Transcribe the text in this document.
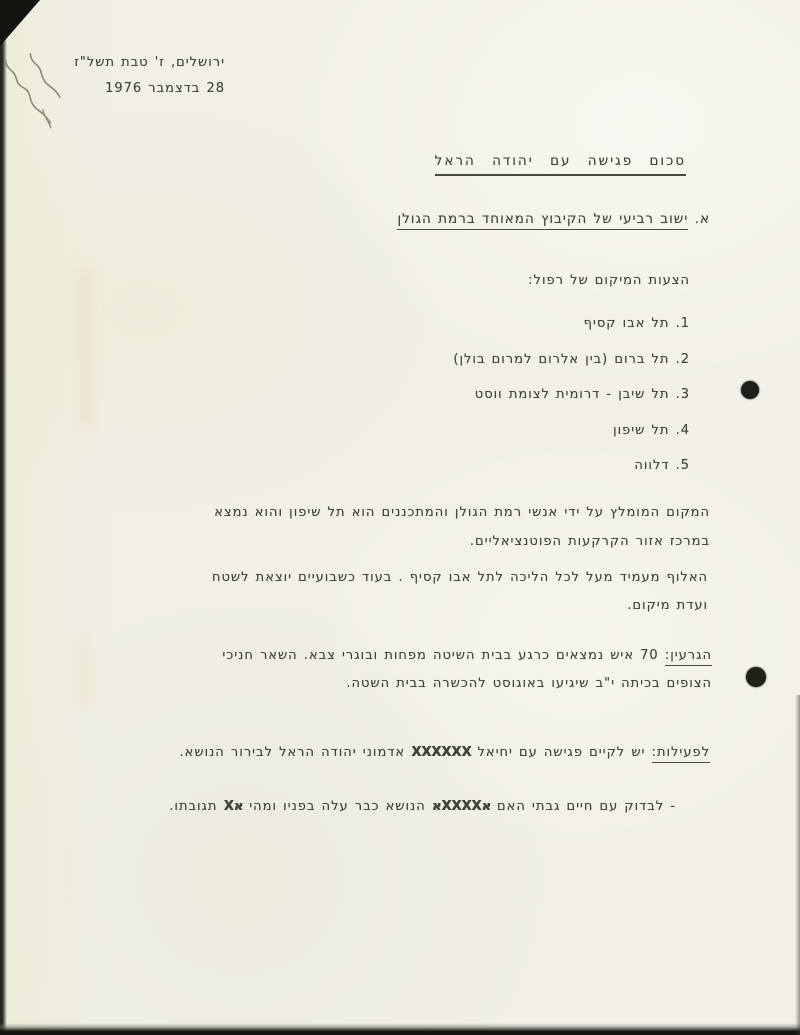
ירושלים, ז' טבת תשל"ז
28 בדצמבר 1976
סכום פגישה עם יהודה הראל
א. ישוב רביעי של הקיבוץ המאוחד ברמת הגולן
הצעות המיקום של רפול:
1. תל אבו קסיף
2. תל ברום (בין אלרום למרום בולן)
3. תל שיבן - דרומית לצומת ווסט
4. תל שיפון
5. דלווה
המקום המומלץ על ידי אנשי רמת הגולן והמתכננים הוא תל שיפון והוא נמצא
במרכז אזור הקרקעות הפוטנציאליים.
האלוף מעמיד מעל לכל הליכה לתל אבו קסיף . בעוד כשבועיים יוצאת לשטח
ועדת מיקום.
הגרעין: 70 איש נמצאים כרגע בבית השיטה מפחות ובוגרי צבא. השאר חניכי
הצופים בכיתה י"ב שיגיעו באוגוסט להכשרה בבית השטה.
לפעילות: יש לקיים פגישה עם יחיאל XXXXXX אדמוני יהודה הראל לבירור הנושא.
- לבדוק עם חיים גבתי האם אXXXXא הנושא כבר עלה בפניו ומהי אX תגובתו.
